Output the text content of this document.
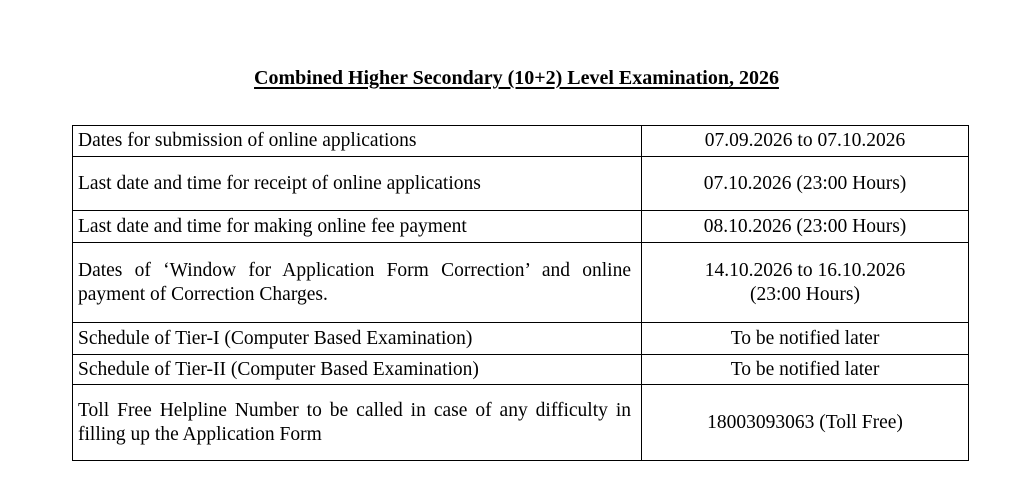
Combined Higher Secondary (10+2) Level Examination, 2026
Dates for submission of online applications	07.09.2026 to 07.10.2026

Last date and time for receipt of online applications	07.10.2026 (23:00 Hours)

Last date and time for making online fee payment	08.10.2026 (23:00 Hours)

Dates of ‘Window for Application Form Correction’ and online payment of Correction Charges.	14.10.2026 to 16.10.2026
(23:00 Hours)

Schedule of Tier-I (Computer Based Examination)	To be notified later

Schedule of Tier-II (Computer Based Examination)	To be notified later

Toll Free Helpline Number to be called in case of any difficulty in filling up the Application Form	18003093063 (Toll Free)
